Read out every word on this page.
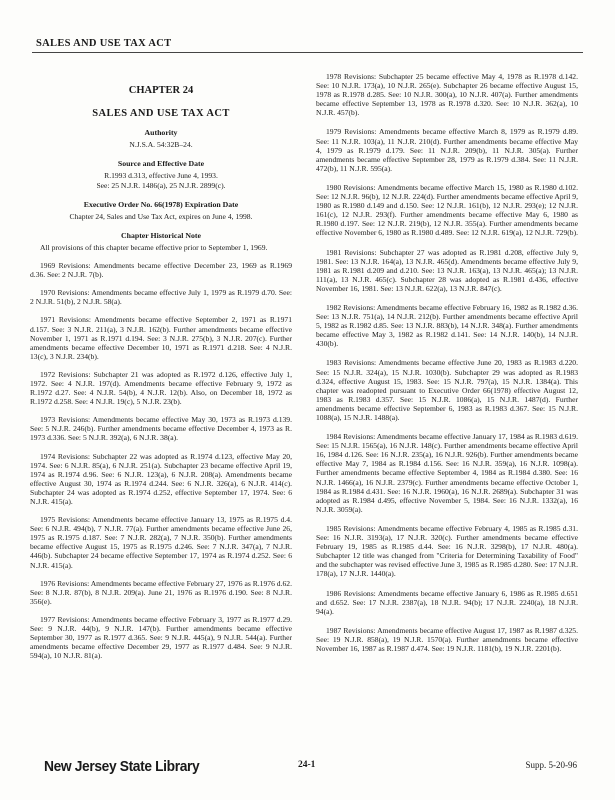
SALES AND USE TAX ACT
CHAPTER 24
SALES AND USE TAX ACT
Authority
N.J.S.A. 54:32B–24.
Source and Effective Date
R.1993 d.313, effective June 4, 1993.
See: 25 N.J.R. 1486(a), 25 N.J.R. 2899(c).
Executive Order No. 66(1978) Expiration Date
Chapter 24, Sales and Use Tax Act, expires on June 4, 1998.
Chapter Historical Note

All provisions of this chapter became effective prior to September 1, 1969.

1969 Revisions: Amendments became effective December 23, 1969 as R.1969 d.36. See: 2 N.J.R. 7(b).

1970 Revisions: Amendments became effective July 1, 1979 as R.1979 d.70. See: 2 N.J.R. 51(b), 2 N.J.R. 58(a).

1971 Revisions: Amendments became effective September 2, 1971 as R.1971 d.157. See: 3 N.J.R. 211(a), 3 N.J.R. 162(b). Further amendments became effective November 1, 1971 as R.1971 d.194. See: 3 N.J.R. 275(b), 3 N.J.R. 207(c). Further amendments became effective December 10, 1971 as R.1971 d.218. See: 4 N.J.R. 13(c), 3 N.J.R. 234(b).

1972 Revisions: Subchapter 21 was adopted as R.1972 d.126, effective July 1, 1972. See: 4 N.J.R. 197(d). Amendments became effective February 9, 1972 as R.1972 d.27. See: 4 N.J.R. 54(b), 4 N.J.R. 12(b). Also, on December 18, 1972 as R.1972 d.258. See: 4 N.J.R. 19(c), 5 N.J.R. 23(b).

1973 Revisions: Amendments became effective May 30, 1973 as R.1973 d.139. See: 5 N.J.R. 246(b). Further amendments became effective December 4, 1973 as R. 1973 d.336. See: 5 N.J.R. 392(a), 6 N.J.R. 38(a).

1974 Revisions: Subchapter 22 was adopted as R.1974 d.123, effective May 20, 1974. See: 6 N.J.R. 85(a), 6 N.J.R. 251(a). Subchapter 23 became effective April 19, 1974 as R.1974 d.96. See: 6 N.J.R. 123(a), 6 N.J.R. 208(a). Amendments became effective August 30, 1974 as R.1974 d.244. See: 6 N.J.R. 326(a), 6 N.J.R. 414(c). Subchapter 24 was adopted as R.1974 d.252, effective September 17, 1974. See: 6 N.J.R. 415(a).

1975 Revisions: Amendments became effective January 13, 1975 as R.1975 d.4. See: 6 N.J.R. 494(b), 7 N.J.R. 77(a). Further amendments became effective June 26, 1975 as R.1975 d.187. See: 7 N.J.R. 282(a), 7 N.J.R. 350(b). Further amendments became effective August 15, 1975 as R.1975 d.246. See: 7 N.J.R. 347(a), 7 N.J.R. 446(b). Subchapter 24 became effective September 17, 1974 as R.1974 d.252. See: 6 N.J.R. 415(a).

1976 Revisions: Amendments became effective February 27, 1976 as R.1976 d.62. See: 8 N.J.R. 87(b), 8 N.J.R. 209(a). June 21, 1976 as R.1976 d.190. See: 8 N.J.R. 356(e).

1977 Revisions: Amendments became effective February 3, 1977 as R.1977 d.29. See: 9 N.J.R. 44(b), 9 N.J.R. 147(b). Further amendments became effective September 30, 1977 as R.1977 d.365. See: 9 N.J.R. 445(a), 9 N.J.R. 544(a). Further amendments became effective December 29, 1977 as R.1977 d.484. See: 9 N.J.R. 594(a), 10 N.J.R. 81(a).

1978 Revisions: Subchapter 25 became effective May 4, 1978 as R.1978 d.142. See: 10 N.J.R. 173(a), 10 N.J.R. 265(e). Subchapter 26 became effective August 15, 1978 as R.1978 d.285. See: 10 N.J.R. 300(a), 10 N.J.R. 407(a). Further amendments became effective September 13, 1978 as R.1978 d.320. See: 10 N.J.R. 362(a), 10 N.J.R. 457(b).

1979 Revisions: Amendments became effective March 8, 1979 as R.1979 d.89. See: 11 N.J.R. 103(a), 11 N.J.R. 210(d). Further amendments became effective May 4, 1979 as R.1979 d.179. See: 11 N.J.R. 209(b), 11 N.J.R. 305(a). Further amendments became effective September 28, 1979 as R.1979 d.384. See: 11 N.J.R. 472(b), 11 N.J.R. 595(a).

1980 Revisions: Amendments became effective March 15, 1980 as R.1980 d.102. See: 12 N.J.R. 96(b), 12 N.J.R. 224(d). Further amendments became effective April 9, 1980 as R.1980 d.149 and d.150. See: 12 N.J.R. 161(b), 12 N.J.R. 293(e); 12 N.J.R. 161(c), 12 N.J.R. 293(f). Further amendments became effective May 6, 1980 as R.1980 d.197. See: 12 N.J.R. 219(b), 12 N.J.R. 355(a). Further amendments became effective November 6, 1980 as R.1980 d.489. See: 12 N.J.R. 619(a), 12 N.J.R. 729(b).

1981 Revisions: Subchapter 27 was adopted as R.1981 d.208, effective July 9, 1981. See: 13 N.J.R. 164(a), 13 N.J.R. 465(d). Amendments became effective July 9, 1981 as R.1981 d.209 and d.210. See: 13 N.J.R. 163(a), 13 N.J.R. 465(a); 13 N.J.R. 111(a), 13 N.J.R. 465(c). Subchapter 28 was adopted as R.1981 d.436, effective November 16, 1981. See: 13 N.J.R. 622(a), 13 N.J.R. 847(c).

1982 Revisions: Amendments became effective February 16, 1982 as R.1982 d.36. See: 13 N.J.R. 751(a), 14 N.J.R. 212(b). Further amendments became effective April 5, 1982 as R.1982 d.85. See: 13 N.J.R. 883(b), 14 N.J.R. 348(a). Further amendments became effective May 3, 1982 as R.1982 d.141. See: 14 N.J.R. 140(b), 14 N.J.R. 430(b).

1983 Revisions: Amendments became effective June 20, 1983 as R.1983 d.220. See: 15 N.J.R. 324(a), 15 N.J.R. 1030(b). Subchapter 29 was adopted as R.1983 d.324, effective August 15, 1983. See: 15 N.J.R. 797(a), 15 N.J.R. 1384(a). This chapter was readopted pursuant to Executive Order 66(1978) effective August 12, 1983 as R.1983 d.357. See: 15 N.J.R. 1086(a), 15 N.J.R. 1487(d). Further amendments became effective September 6, 1983 as R.1983 d.367. See: 15 N.J.R. 1088(a), 15 N.J.R. 1488(a).

1984 Revisions: Amendments became effective January 17, 1984 as R.1983 d.619. See: 15 N.J.R. 1565(a), 16 N.J.R. 148(c). Further amendments became effective April 16, 1984 d.126. See: 16 N.J.R. 235(a), 16 N.J.R. 926(b). Further amendments became effective May 7, 1984 as R.1984 d.156. See: 16 N.J.R. 359(a), 16 N.J.R. 1098(a). Further amendments became effective September 4, 1984 as R.1984 d.380. See: 16 N.J.R. 1466(a), 16 N.J.R. 2379(c). Further amendments became effective October 1, 1984 as R.1984 d.431. See: 16 N.J.R. 1960(a), 16 N.J.R. 2689(a). Subchapter 31 was adopted as R.1984 d.495, effective November 5, 1984. See: 16 N.J.R. 1332(a), 16 N.J.R. 3059(a).

1985 Revisions: Amendments became effective February 4, 1985 as R.1985 d.31. See: 16 N.J.R. 3193(a), 17 N.J.R. 320(c). Further amendments became effective February 19, 1985 as R.1985 d.44. See: 16 N.J.R. 3298(b), 17 N.J.R. 480(a). Subchapter 12 title was changed from "Criteria for Determining Taxability of Food" and the subchapter was revised effective June 3, 1985 as R.1985 d.280. See: 17 N.J.R. 178(a), 17 N.J.R. 1440(a).

1986 Revisions: Amendments became effective January 6, 1986 as R.1985 d.651 and d.652. See: 17 N.J.R. 2387(a), 18 N.J.R. 94(b); 17 N.J.R. 2240(a), 18 N.J.R. 94(a).

1987 Revisions: Amendments became effective August 17, 1987 as R.1987 d.325. See: 19 N.J.R. 858(a), 19 N.J.R. 1570(a). Further amendments became effective November 16, 1987 as R.1987 d.474. See: 19 N.J.R. 1181(b), 19 N.J.R. 2201(b).

New Jersey State Library	24-1	Supp. 5-20-96
